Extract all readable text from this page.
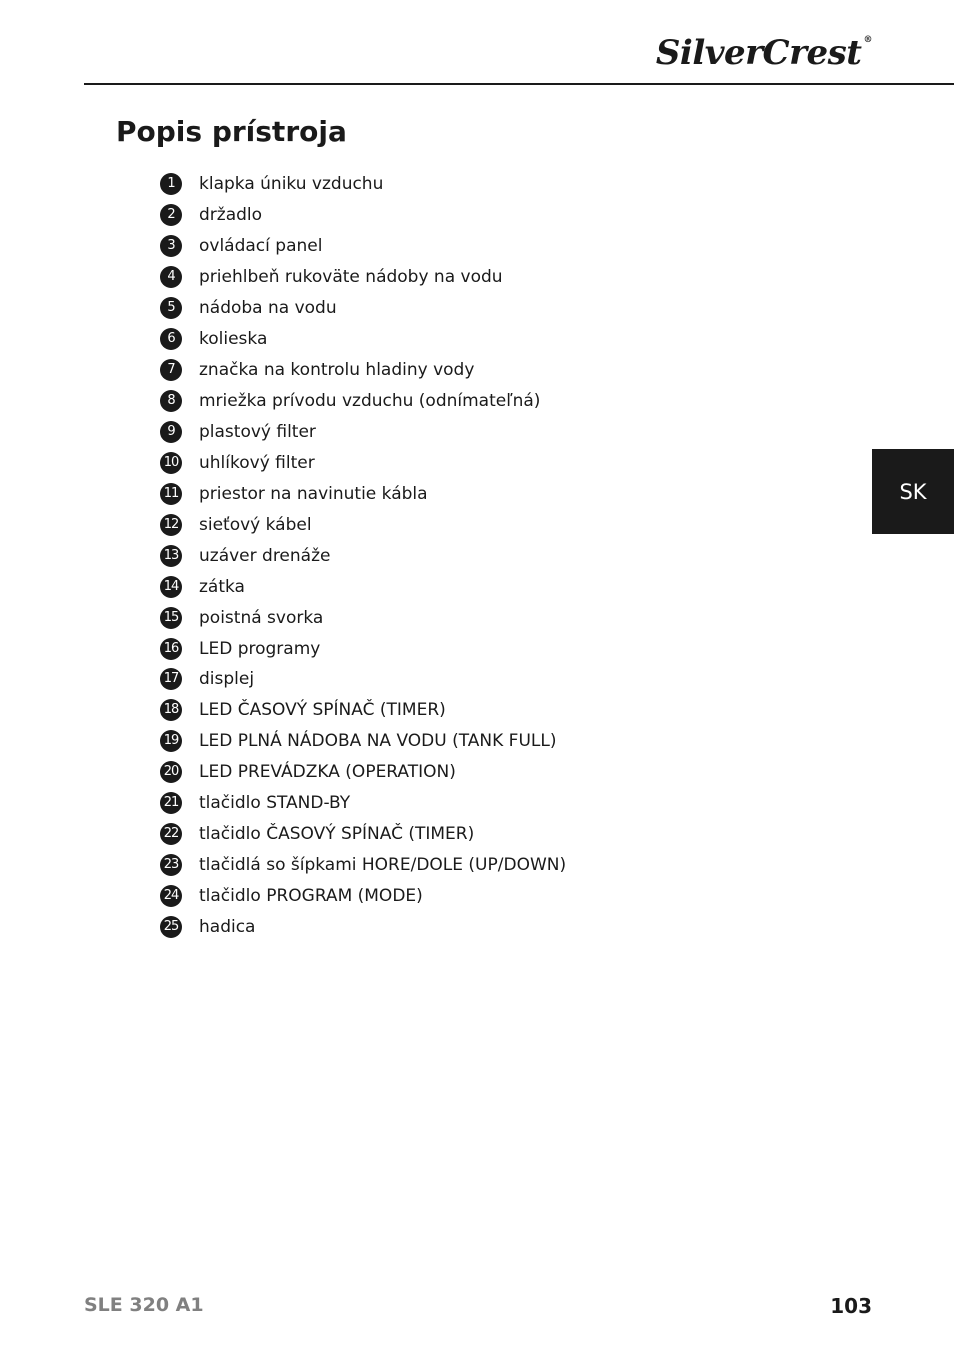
SilverCrest ®
Popis prístroja
1	klapka úniku vzduchu
2	držadlo
3	ovládací panel
4	priehlbeň rukoväte nádoby na vodu
5	nádoba na vodu
6	kolieska
7	značka na kontrolu hladiny vody
8	mriežka prívodu vzduchu (odnímateľná)
9	plastový filter
10 uhlíkový filter
11 priestor na navinutie kábla
12 sieťový kábel
13 uzáver drenáže
14 zátka
15 poistná svorka
16 LED programy
17 displej
18 LED ČASOVÝ SPÍNAČ (TIMER)
19 LED PLNÁ NÁDOBA NA VODU (TANK FULL)
20 LED PREVÁDZKA (OPERATION)
21 tlačidlo STAND-BY
22 tlačidlo ČASOVÝ SPÍNAČ (TIMER)
23 tlačidlá so šípkami HORE/DOLE (UP/DOWN)
24 tlačidlo PROGRAM (MODE)
25 hadica
SK
SLE 320 A1	103
